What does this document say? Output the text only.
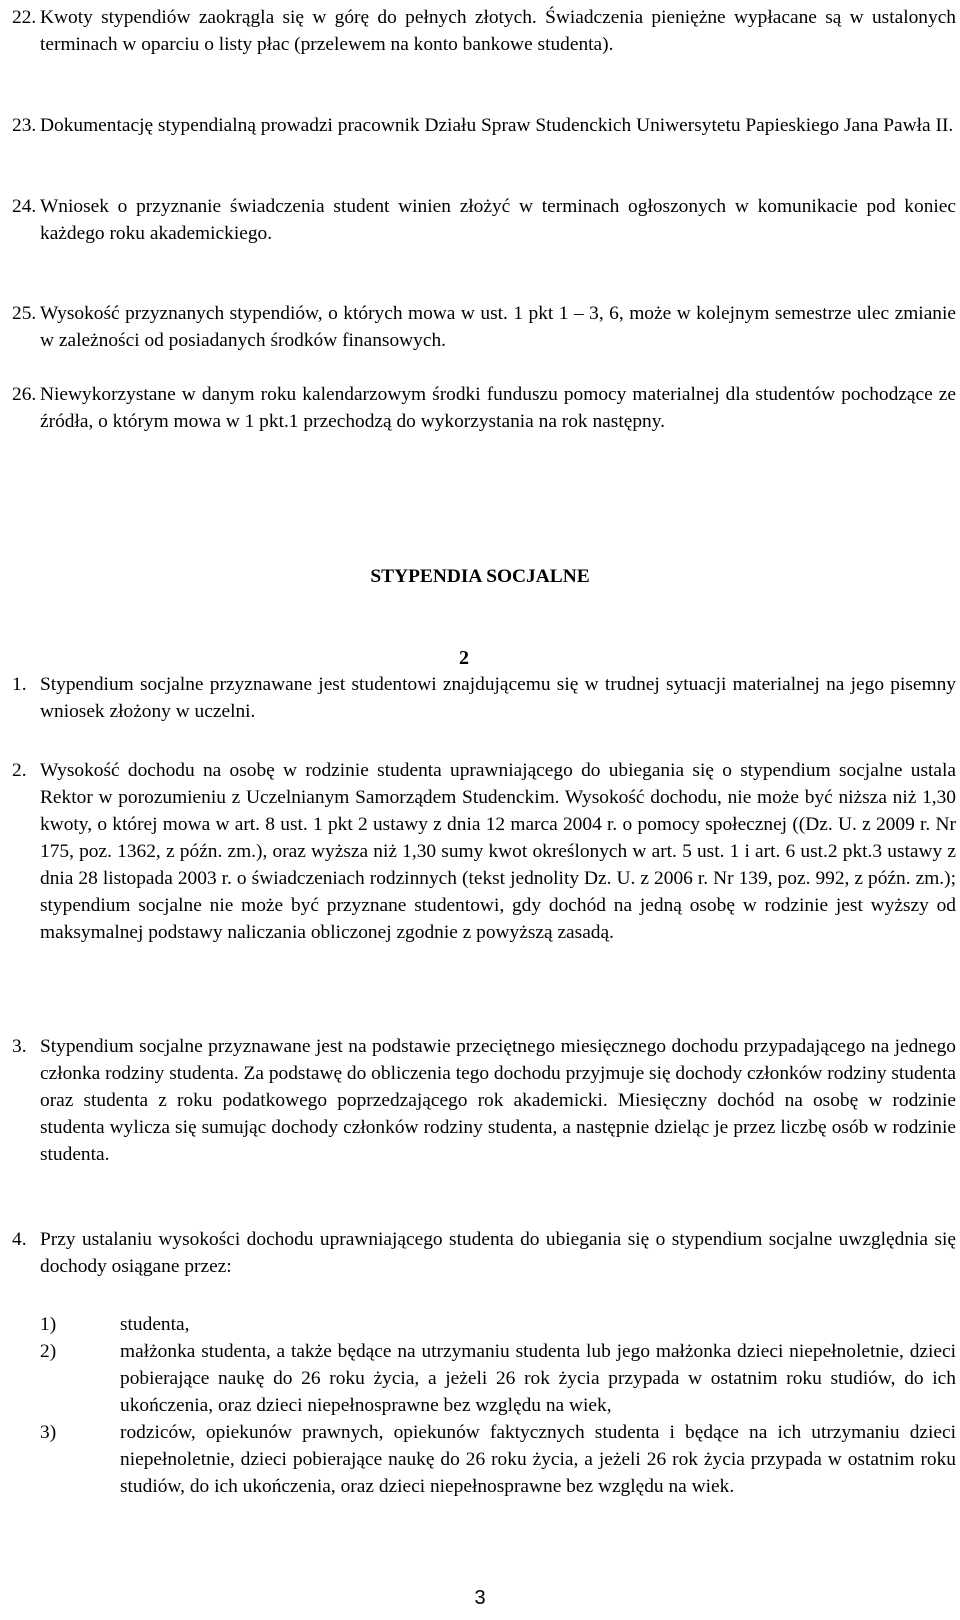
22. Kwoty stypendiów zaokrągla się w górę do pełnych złotych. Świadczenia pieniężne wypłacane są w ustalonych terminach w oparciu o listy płac (przelewem na konto bankowe studenta).
23. Dokumentację stypendialną prowadzi pracownik Działu Spraw Studenckich Uniwersytetu Papieskiego Jana Pawła II.
24. Wniosek o przyznanie świadczenia student winien złożyć w terminach ogłoszonych w komunikacie pod koniec każdego roku akademickiego.
25. Wysokość przyznanych stypendiów, o których mowa w ust. 1 pkt 1 – 3, 6, może w kolejnym semestrze ulec zmianie w zależności od posiadanych środków finansowych.
26. Niewykorzystane w danym roku kalendarzowym środki funduszu pomocy materialnej dla studentów pochodzące ze źródła, o którym mowa w 1 pkt.1 przechodzą do wykorzystania na rok następny.
STYPENDIA SOCJALNE
2
1. Stypendium socjalne przyznawane jest studentowi znajdującemu się w trudnej sytuacji materialnej na jego pisemny wniosek złożony w uczelni.
2. Wysokość dochodu na osobę w rodzinie studenta uprawniającego do ubiegania się o stypendium socjalne ustala Rektor w porozumieniu z Uczelnianym Samorządem Studenckim. Wysokość dochodu, nie może być niższa niż 1,30 kwoty, o której mowa w art. 8 ust. 1 pkt 2 ustawy z dnia 12 marca 2004 r. o pomocy społecznej ((Dz. U. z 2009 r. Nr 175, poz. 1362, z późn. zm.), oraz wyższa niż 1,30 sumy kwot określonych w art. 5 ust. 1 i art. 6 ust.2 pkt.3 ustawy z dnia 28 listopada 2003 r. o świadczeniach rodzinnych (tekst jednolity Dz. U. z 2006 r. Nr 139, poz. 992, z późn. zm.); stypendium socjalne nie może być przyznane studentowi, gdy dochód na jedną osobę w rodzinie jest wyższy od maksymalnej podstawy naliczania obliczonej zgodnie z powyższą zasadą.
3. Stypendium socjalne przyznawane jest na podstawie przeciętnego miesięcznego dochodu przypadającego na jednego członka rodziny studenta. Za podstawę do obliczenia tego dochodu przyjmuje się dochody członków rodziny studenta oraz studenta z roku podatkowego poprzedzającego rok akademicki. Miesięczny dochód na osobę w rodzinie studenta wylicza się sumując dochody członków rodziny studenta, a następnie dzieląc je przez liczbę osób w rodzinie studenta.
4. Przy ustalaniu wysokości dochodu uprawniającego studenta do ubiegania się o stypendium socjalne uwzględnia się dochody osiągane przez:
1)	studenta,
2)	małżonka studenta, a także będące na utrzymaniu studenta lub jego małżonka dzieci niepełnoletnie, dzieci pobierające naukę do 26 roku życia, a jeżeli 26 rok życia przypada w ostatnim roku studiów, do ich ukończenia, oraz dzieci niepełnosprawne bez względu na wiek,
3)	rodziców, opiekunów prawnych, opiekunów faktycznych studenta i będące na ich utrzymaniu dzieci niepełnoletnie, dzieci pobierające naukę do 26 roku życia, a jeżeli 26 rok życia przypada w ostatnim roku studiów, do ich ukończenia, oraz dzieci niepełnosprawne bez względu na wiek.
3
